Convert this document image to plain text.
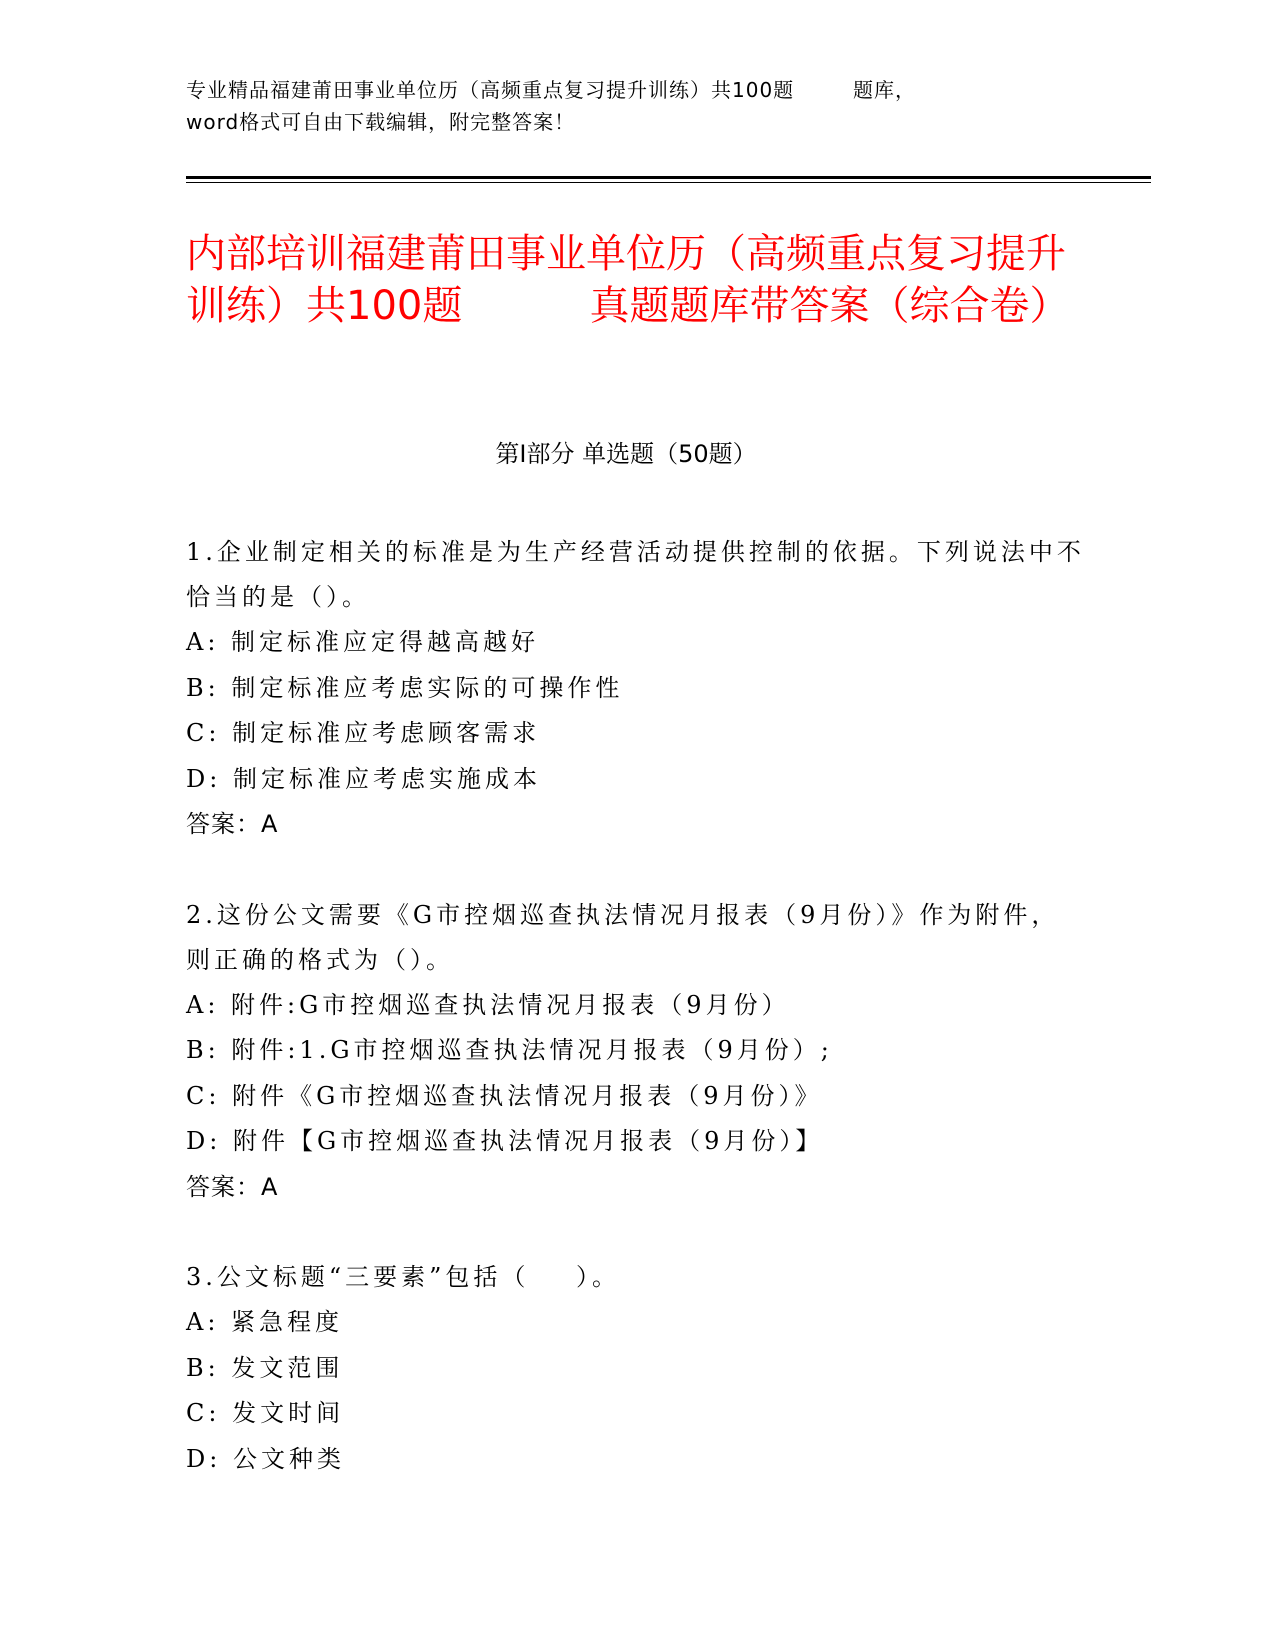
专业精品福建莆田事业单位历（高频重点复习提升训练）共100题        题库，
word格式可自由下载编辑，附完整答案！
内部培训福建莆田事业单位历（高频重点复习提升训练）共100题          真题题库带答案（综合卷）
第I部分 单选题（50题）

1.企业制定相关的标准是为生产经营活动提供控制的依据。下列说法中不恰当的是（）。

A: 制定标准应定得越高越好
B: 制定标准应考虑实际的可操作性
C: 制定标准应考虑顾客需求
D: 制定标准应考虑实施成本
答案：A

2.这份公文需要《G市控烟巡查执法情况月报表（9月份）》作为附件，则正确的格式为（）。

A: 附件:G市控烟巡查执法情况月报表（9月份）
B: 附件:1.G市控烟巡查执法情况月报表（9月份）;
C: 附件《G市控烟巡查执法情况月报表（9月份）》
D: 附件【G市控烟巡查执法情况月报表（9月份）】
答案：A

3.公文标题“三要素”包括（    ）。

A: 紧急程度
B: 发文范围
C: 发文时间
D: 公文种类
